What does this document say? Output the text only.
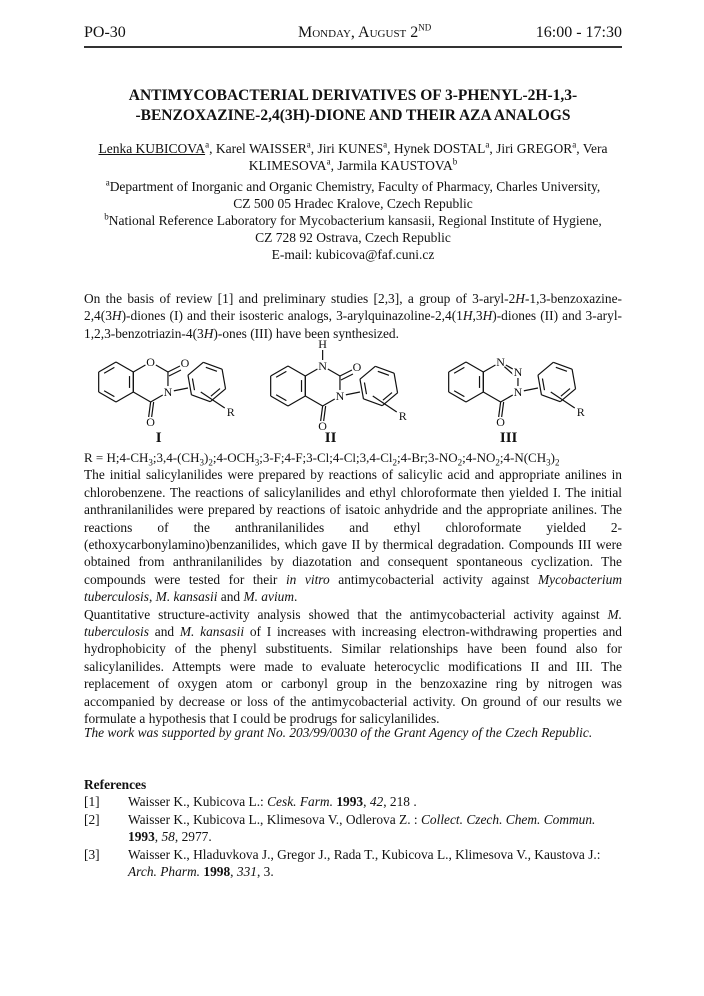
PO-30	Monday, August 2ND	16:00 - 17:30
ANTIMYCOBACTERIAL DERIVATIVES OF 3-PHENYL-2H-1,3-
-BENZOXAZINE-2,4(3H)-DIONE AND THEIR AZA ANALOGS
Lenka KUBICOVA$^a$, Karel WAISSER$^a$, Jiri KUNES$^a$, Hynek DOSTAL$^a$, Jiri GREGOR$^a$, Vera
KLIMESOVA$^a$, Jarmila KAUSTOVA$^b$
$^a$Department of Inorganic and Organic Chemistry, Faculty of Pharmacy, Charles University,
CZ 500 05 Hradec Kralove, Czech Republic
$^b$National Reference Laboratory for Mycobacterium kansasii, Regional Institute of Hygiene,
CZ 728 92 Ostrava, Czech Republic
E-mail: kubicova@faf.cuni.cz
On the basis of review [1] and preliminary studies [2,3], a group of 3-aryl-2H-1,3-benzoxazine-2,4(3H)-diones (I) and their isosteric analogs, 3-arylquinazoline-2,4(1H,3H)-diones (II) and 3-aryl-1,2,3-benzotriazin-4(3H)-ones (III) have been synthesized.
O
O
O
N
R
I
O
O
H
N
N
R
II
O
N
N
N
R
III
$R = H;4-CH_3;3,4-(CH_3)_2;4-OCH_3;3-F;4-F;3-Cl;4-Cl;3,4-Cl_2;4-Br;3-NO_2;4-NO_2;4-N(CH_3)_2$
The initial salicylanilides were prepared by reactions of salicylic acid and appropriate anilines in chlorobenzene. The reactions of salicylanilides and ethyl chloroformate then yielded I. The initial anthranilanilides were prepared by reactions of isatoic anhydride and the appropriate anilines. The reactions of the anthranilanilides and ethyl chloroformate yielded 2-(ethoxycarbonylamino)benzanilides, which gave II by thermical degradation. Compounds III were obtained from anthranilanilides by diazotation and consequent spontaneous cyclization. The compounds were tested for their in vitro antimycobacterial activity against Mycobacterium tuberculosis, M. kansasii and M. avium.
Quantitative structure-activity analysis showed that the antimycobacterial activity against M. tuberculosis and M. kansasii of I increases with increasing electron-withdrawing properties and hydrophobicity of the phenyl substituents. Similar relationships have been found also for salicylanilides. Attempts were made to evaluate heterocyclic modifications II and III. The replacement of oxygen atom or carbonyl group in the benzoxazine ring by nitrogen was accompanied by decrease or loss of the antimycobacterial activity. On ground of our results we formulate a hypothesis that I could be prodrugs for salicylanilides.
The work was supported by grant No. 203/99/0030 of the Grant Agency of the Czech Republic.
References
[1]	Waisser K., Kubicova L.: Cesk. Farm. 1993, 42, 218 .
[2]	Waisser K., Kubicova L., Klimesova V., Odlerova Z. : Collect. Czech. Chem. Commun. 1993, 58, 2977.
[3]	Waisser K., Hladuvkova J., Gregor J., Rada T., Kubicova L., Klimesova V., Kaustova J.: Arch. Pharm. 1998, 331, 3.
